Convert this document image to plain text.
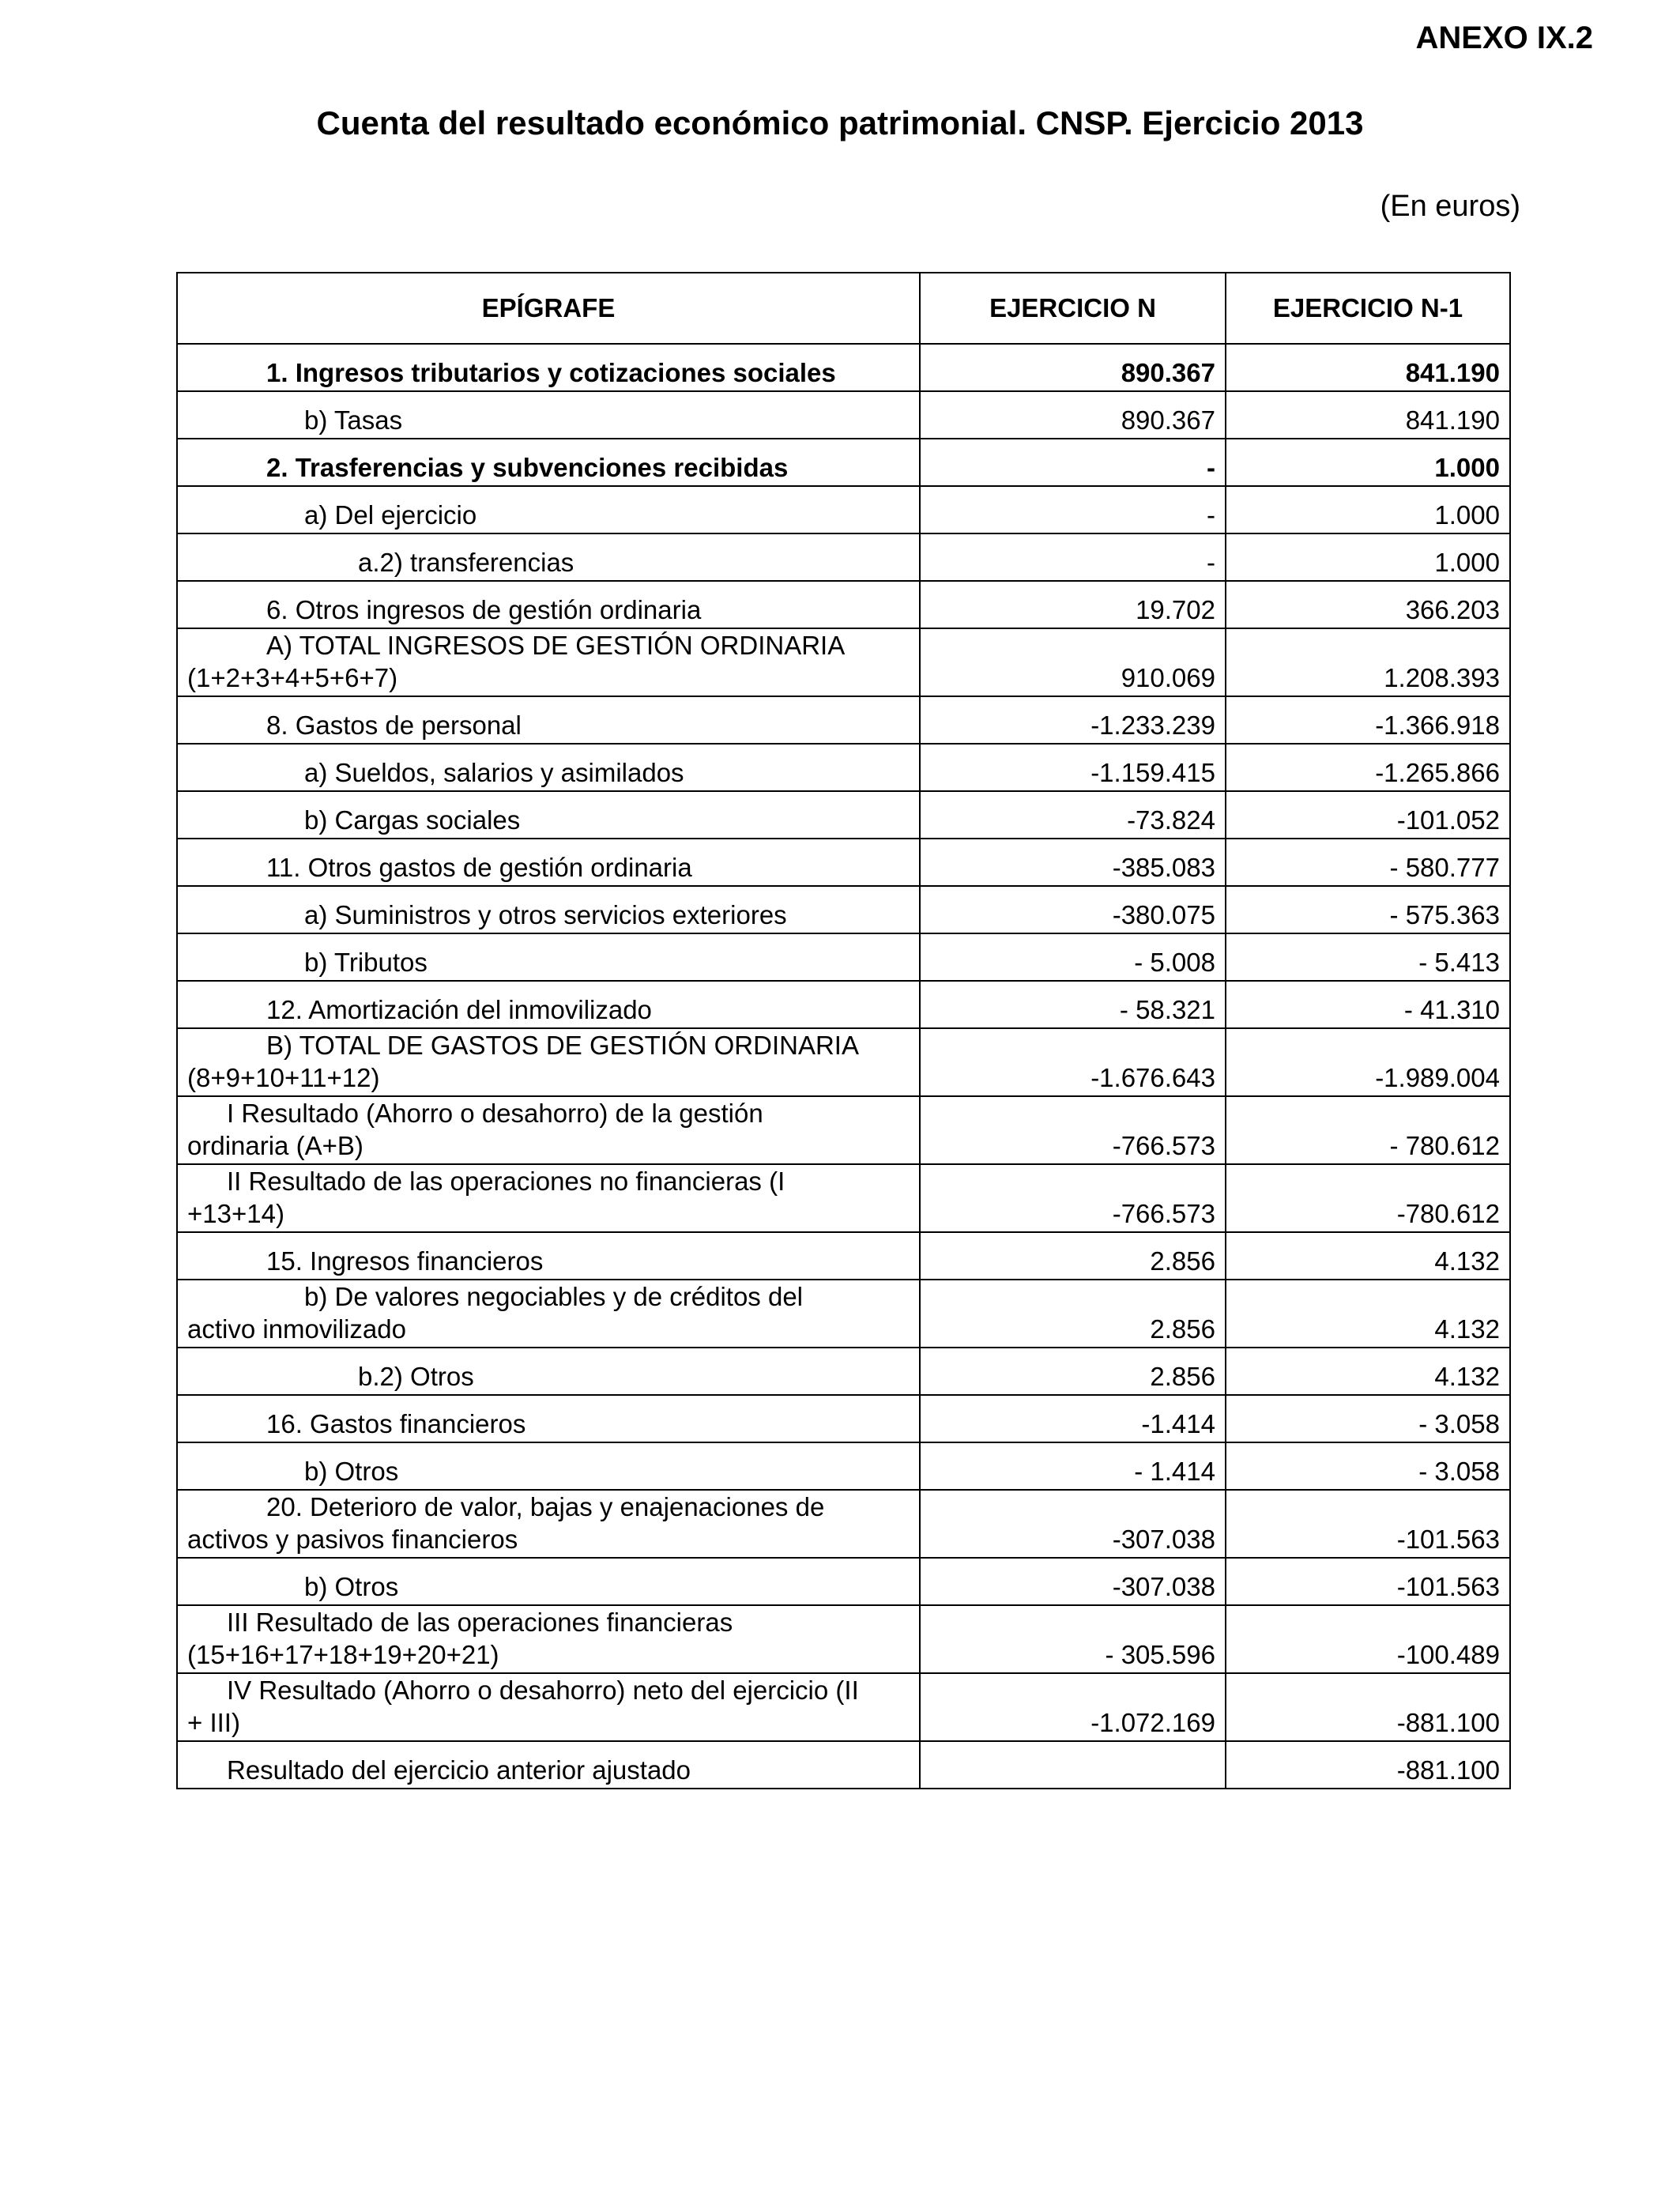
ANEXO IX.2
Cuenta del resultado económico patrimonial. CNSP. Ejercicio 2013
(En euros)
EPÍGRAFE	EJERCICIO N	EJERCICIO N-1
1. Ingresos tributarios y cotizaciones sociales	890.367	841.190
b) Tasas	890.367	841.190
2. Trasferencias y subvenciones recibidas	-	1.000
a) Del ejercicio	-	1.000
a.2) transferencias	-	1.000
6. Otros ingresos de gestión ordinaria	19.702	366.203
A) TOTAL INGRESOS DE GESTIÓN ORDINARIA
(1+2+3+4+5+6+7)	910.069	1.208.393
8. Gastos de personal	-1.233.239	-1.366.918
a) Sueldos, salarios y asimilados	-1.159.415	-1.265.866
b) Cargas sociales	-73.824	-101.052
11. Otros gastos de gestión ordinaria	-385.083	- 580.777
a) Suministros y otros servicios exteriores	-380.075	- 575.363
b) Tributos	- 5.008	- 5.413
12. Amortización del inmovilizado	- 58.321	- 41.310
B) TOTAL DE GASTOS DE GESTIÓN ORDINARIA
(8+9+10+11+12)	-1.676.643	-1.989.004
I Resultado (Ahorro o desahorro) de la gestión
ordinaria (A+B)	-766.573	- 780.612
II Resultado de las operaciones no financieras (I
+13+14)	-766.573	-780.612
15. Ingresos financieros	2.856	4.132
b) De valores negociables y de créditos del
activo inmovilizado	2.856	4.132
b.2) Otros	2.856	4.132
16. Gastos financieros	-1.414	- 3.058
b) Otros	- 1.414	- 3.058
20. Deterioro de valor, bajas y enajenaciones de
activos y pasivos financieros	-307.038	-101.563
b) Otros	-307.038	-101.563
III Resultado de las operaciones financieras
(15+16+17+18+19+20+21)	- 305.596	-100.489
IV Resultado (Ahorro o desahorro) neto del ejercicio (II
+ III)	-1.072.169	-881.100
Resultado del ejercicio anterior ajustado		-881.100
